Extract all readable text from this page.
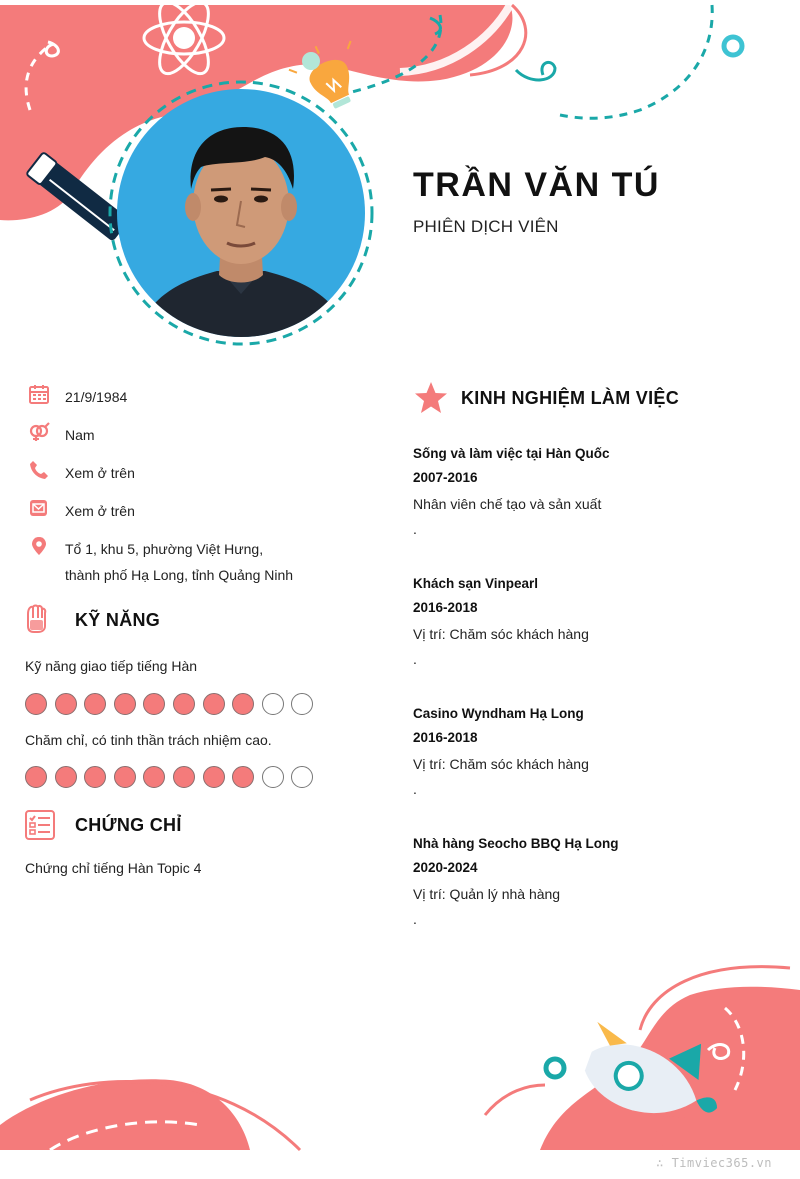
TRẦN VĂN TÚ
PHIÊN DỊCH VIÊN
21/9/1984
Nam
Xem ở trên
Xem ở trên
Tổ 1, khu 5, phường Việt Hưng, thành phố Hạ Long, tỉnh Quảng Ninh
KỸ NĂNG
Kỹ năng giao tiếp tiếng Hàn
Chăm chỉ, có tinh thần trách nhiệm cao.
CHỨNG CHỈ
Chứng chỉ tiếng Hàn Topic 4
KINH NGHIỆM LÀM VIỆC
Sống và làm việc tại Hàn Quốc
2007-2016
Nhân viên chế tạo và sản xuất
.
Khách sạn Vinpearl
2016-2018
Vị trí: Chăm sóc khách hàng
.
Casino Wyndham Hạ Long
2016-2018
Vị trí: Chăm sóc khách hàng
.
Nhà hàng Seocho BBQ Hạ Long
2020-2024
Vị trí: Quản lý nhà hàng
.
∴ Timviec365.vn
